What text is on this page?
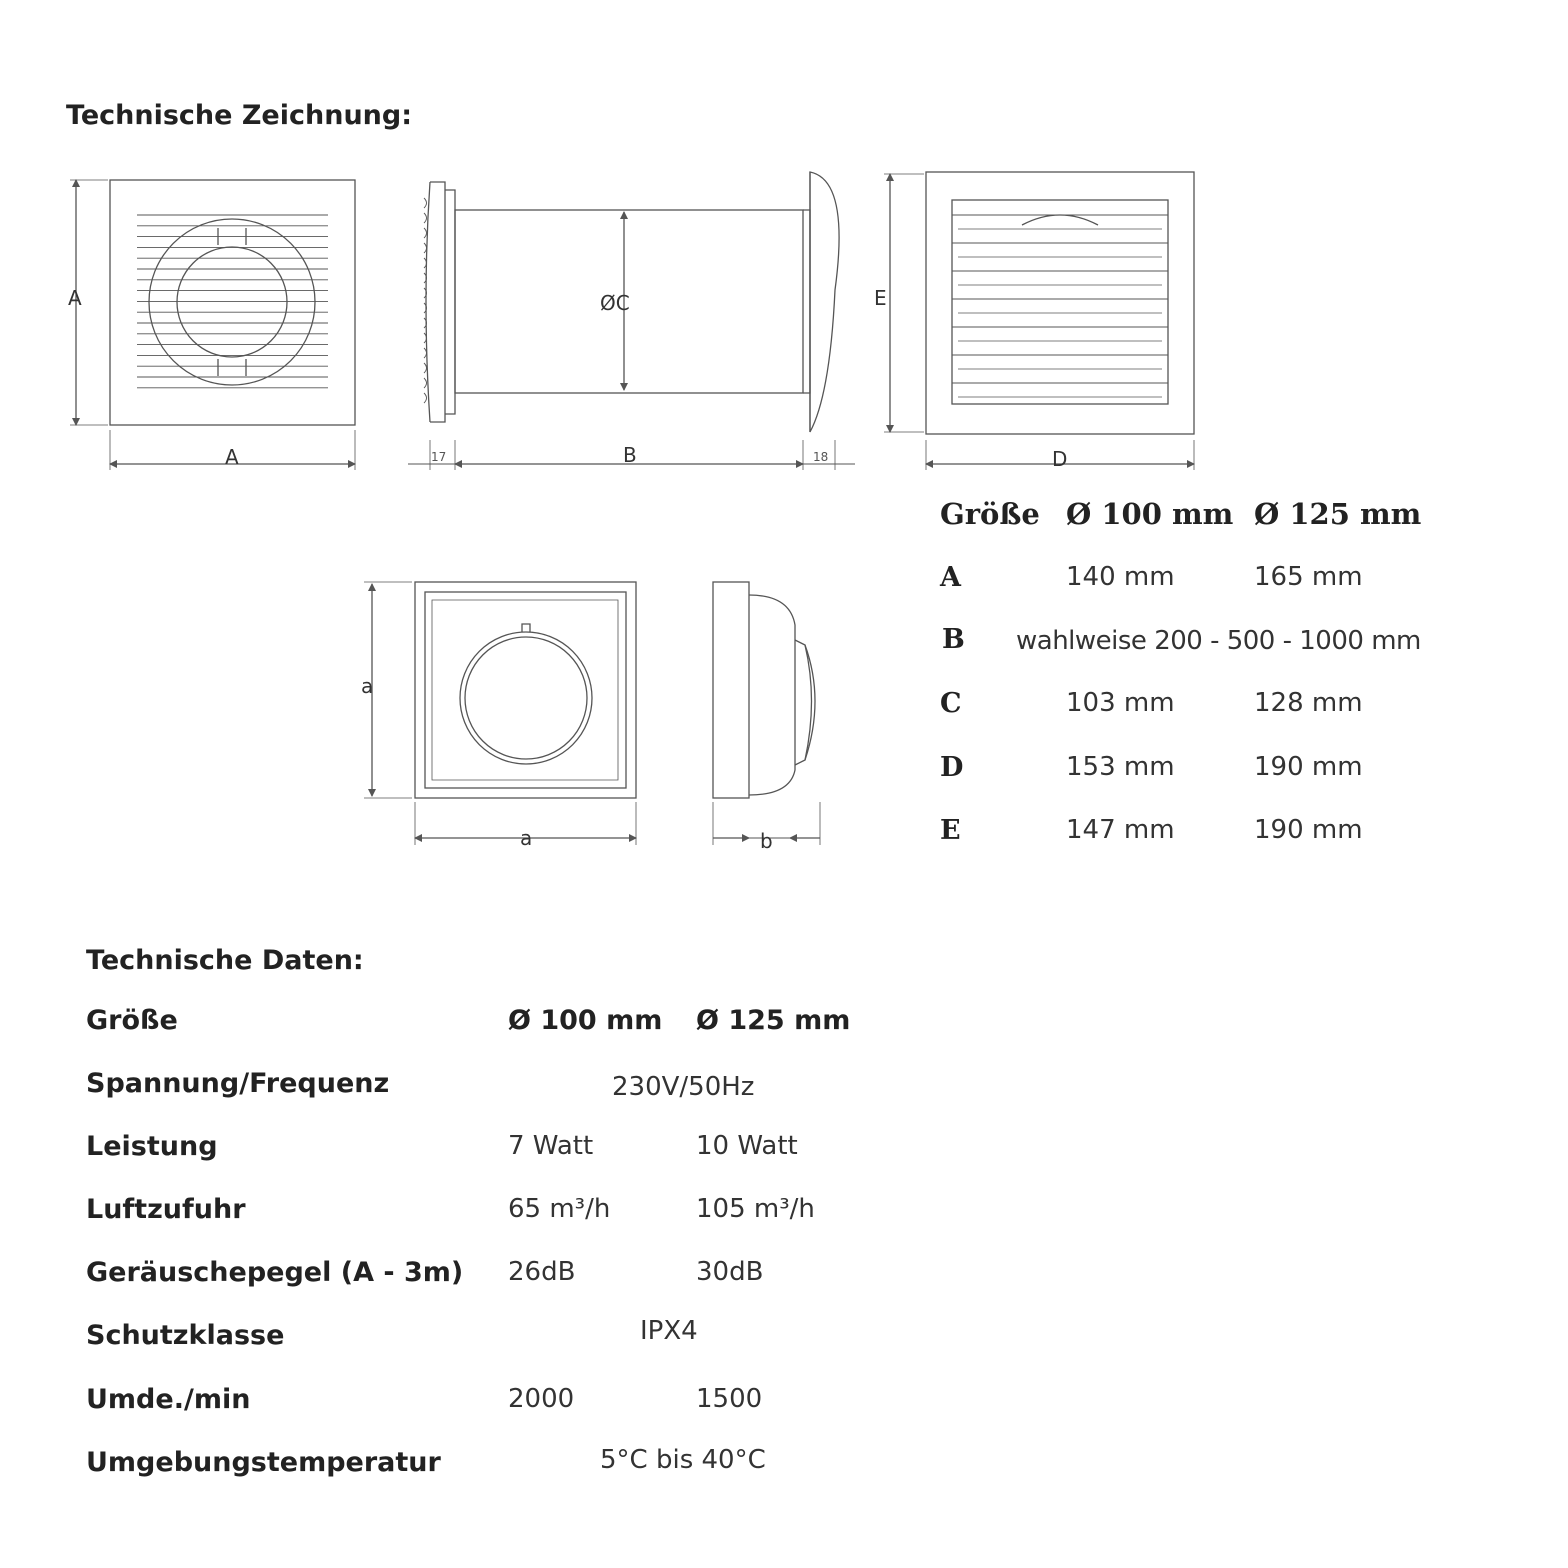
Technische Zeichnung:
A
A
ØC
B
17	18
E
D
a
a	b
Größe Ø 100 mm Ø 125 mm
A	140 mm	165 mm
B wahlweise 200 - 500 - 1000 mm
C	103 mm	128 mm
D	153 mm	190 mm
E	147 mm	190 mm
Technische Daten:
Größe	Ø 100 mm Ø 125 mm
Spannung/Frequenz	230V/50Hz
Leistung	7 Watt	10 Watt
Luftzufuhr	65 m³/h	105 m³/h
Geräuschepegel (A - 3m) 26dB	30dB
Schutzklasse	IPX4
Umde./min	2000	1500
Umgebungstemperatur	5°C bis 40°C
